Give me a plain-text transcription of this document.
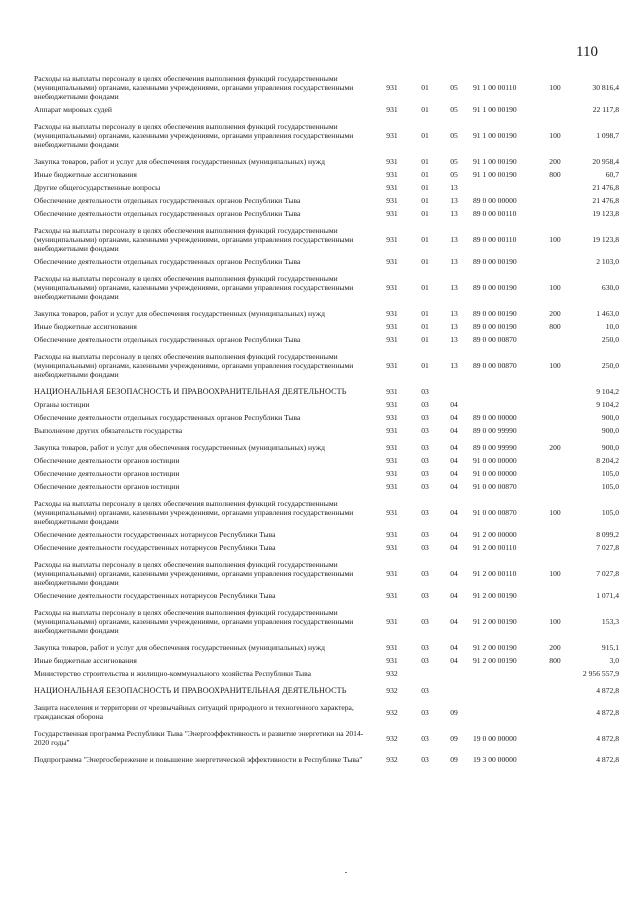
110
Расходы на выплаты персоналу в целях обеспечения выполнения функций государственными (муниципальными) органами, казенными учреждениями, органами управления государственными внебюджетными фондами	931	01	05	91 1 00 00110	100	30 816,4
Аппарат мировых судей	931	01	05	91 1 00 00190		22 117,8
Расходы на выплаты персоналу в целях обеспечения выполнения функций государственными (муниципальными) органами, казенными учреждениями, органами управления государственными внебюджетными фондами	931	01	05	91 1 00 00190	100	1 098,7
Закупка товаров, работ и услуг для обеспечения государственных (муниципальных) нужд	931	01	05	91 1 00 00190	200	20 958,4
Иные бюджетные ассигнования	931	01	05	91 1 00 00190	800	60,7
Другие общегосударственные вопросы	931	01	13			21 476,8
Обеспечение деятельности отдельных государственных органов Республики Тыва	931	01	13	89 0 00 00000		21 476,8
Обеспечение деятельности отдельных государственных органов Республики Тыва	931	01	13	89 0 00 00110		19 123,8
Расходы на выплаты персоналу в целях обеспечения выполнения функций государственными (муниципальными) органами, казенными учреждениями, органами управления государственными внебюджетными фондами	931	01	13	89 0 00 00110	100	19 123,8
Обеспечение деятельности отдельных государственных органов Республики Тыва	931	01	13	89 0 00 00190		2 103,0
Расходы на выплаты персоналу в целях обеспечения выполнения функций государственными (муниципальными) органами, казенными учреждениями, органами управления государственными внебюджетными фондами	931	01	13	89 0 00 00190	100	630,0
Закупка товаров, работ и услуг для обеспечения государственных (муниципальных) нужд	931	01	13	89 0 00 00190	200	1 463,0
Иные бюджетные ассигнования	931	01	13	89 0 00 00190	800	10,0
Обеспечение деятельности отдельных государственных органов Республики Тыва	931	01	13	89 0 00 00870		250,0
Расходы на выплаты персоналу в целях обеспечения выполнения функций государственными (муниципальными) органами, казенными учреждениями, органами управления государственными внебюджетными фондами	931	01	13	89 0 00 00870	100	250,0
НАЦИОНАЛЬНАЯ БЕЗОПАСНОСТЬ И ПРАВООХРАНИТЕЛЬНАЯ ДЕЯТЕЛЬНОСТЬ	931	03				9 104,2
Органы юстиции	931	03	04			9 104,2
Обеспечение деятельности отдельных государственных органов Республики Тыва	931	03	04	89 0 00 00000		900,0
Выполнение других обязательств государства	931	03	04	89 0 00 99990		900,0
Закупка товаров, работ и услуг для обеспечения государственных (муниципальных) нужд	931	03	04	89 0 00 99990	200	900,0
Обеспечение деятельности органов юстиции	931	03	04	91 0 00 00000		8 204,2
Обеспечение деятельности органов юстиции	931	03	04	91 0 00 00000		105,0
Обеспечение деятельности органов юстиции	931	03	04	91 0 00 00870		105,0
Расходы на выплаты персоналу в целях обеспечения выполнения функций государственными (муниципальными) органами, казенными учреждениями, органами управления государственными внебюджетными фондами	931	03	04	91 0 00 00870	100	105,0
Обеспечение деятельности государственных нотариусов Республики Тыва	931	03	04	91 2 00 00000		8 099,2
Обеспечение деятельности государственных нотариусов Республики Тыва	931	03	04	91 2 00 00110		7 027,8
Расходы на выплаты персоналу в целях обеспечения выполнения функций государственными (муниципальными) органами, казенными учреждениями, органами управления государственными внебюджетными фондами	931	03	04	91 2 00 00110	100	7 027,8
Обеспечение деятельности государственных нотариусов Республики Тыва	931	03	04	91 2 00 00190		1 071,4
Расходы на выплаты персоналу в целях обеспечения выполнения функций государственными (муниципальными) органами, казенными учреждениями, органами управления государственными внебюджетными фондами	931	03	04	91 2 00 00190	100	153,3
Закупка товаров, работ и услуг для обеспечения государственных (муниципальных) нужд	931	03	04	91 2 00 00190	200	915,1
Иные бюджетные ассигнования	931	03	04	91 2 00 00190	800	3,0
Министерство строительства и жилищно-коммунального хозяйства Республики Тыва	932					2 956 557,9
НАЦИОНАЛЬНАЯ БЕЗОПАСНОСТЬ И ПРАВООХРАНИТЕЛЬНАЯ ДЕЯТЕЛЬНОСТЬ	932	03				4 872,8
Защита населения и территории от чрезвычайных ситуаций природного и техногенного характера, гражданская оборона	932	03	09			4 872,8
Государственная программа Республики Тыва "Энергоэффективность и развитие энергетики на 2014-2020 годы"	932	03	09	19 0 00 00000		4 872,8
Подпрограмма "Энергосбережение и повышение энергетической эффективности в Республике Тыва"	932	03	09	19 3 00 00000		4 872,8
